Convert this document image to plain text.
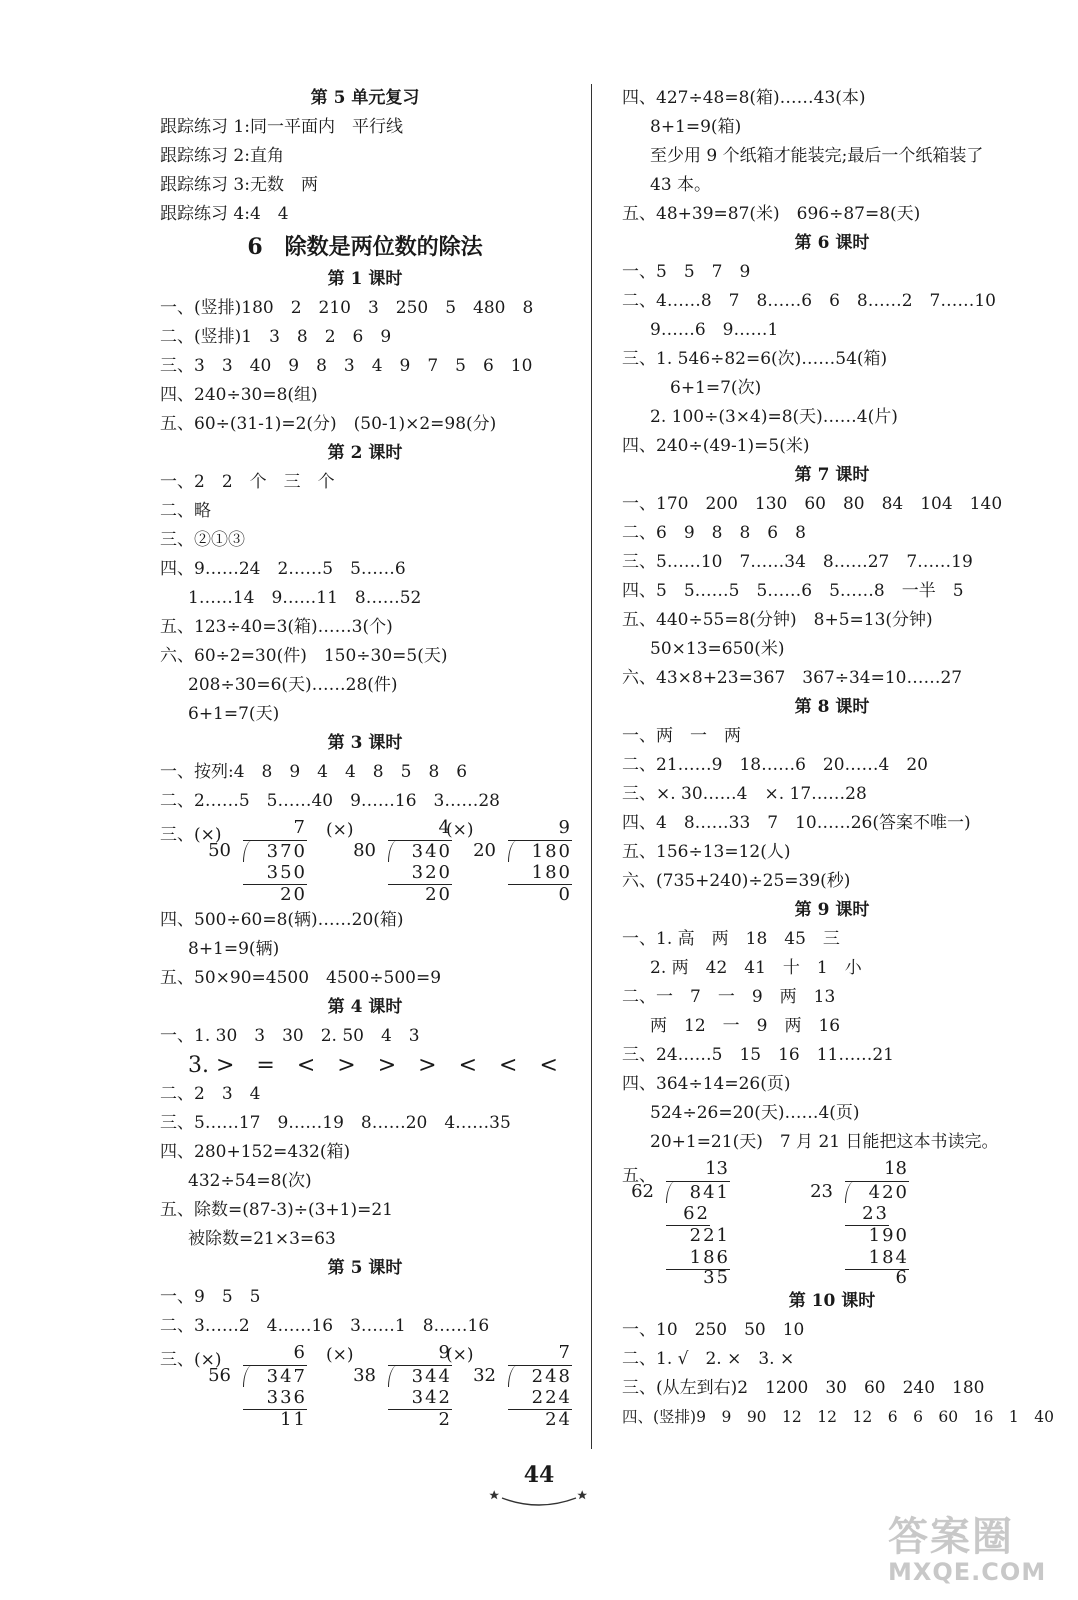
第 5 单元复习
跟踪练习 1:同一平面内　平行线
跟踪练习 2:直角
跟踪练习 3:无数　两
跟踪练习 4:4　4
6　除数是两位数的除法
第 1 课时
一、(竖排)180　2　210　3　250　5　480　8
二、(竖排)1　3　8　2　6　9
三、3　3　40　9　8　3　4　9　7　5　6　10
四、240÷30=8(组)
五、60÷(31-1)=2(分)　(50-1)×2=98(分)
第 2 课时
一、2　2　个　三　个
二、略
三、②①③
四、9……24　2……5　5……6
1……14　9……11　8……52
五、123÷40=3(箱)……3(个)
六、60÷2=30(件)　150÷30=5(天)
208÷30=6(天)……28(件)
6+1=7(天)
第 3 课时
一、按列:4　8　9　4　4　8　5　8　6
二、2……5　5……40　9……16　3……28
三、(×)	(×)	(×)
7
50	370
350
20
4
80	340
320
20
9
20	180
180
0
四、500÷60=8(辆)……20(箱)
8+1=9(辆)
五、50×90=4500　4500÷500=9
第 4 课时
一、1. 30　3　30　2. 50　4　3
3. >　=　<　>　>　>　<　<　<
二、2　3　4
三、5……17　9……19　8……20　4……35
四、280+152=432(箱)
432÷54=8(次)
五、除数=(87-3)÷(3+1)=21
被除数=21×3=63
第 5 课时
一、9　5　5
二、3……2　4……16　3……1　8……16
三、(×)	(×)	(×)
6
56	347
336
11
9
38	344
342
2
7
32	248
224
24
四、427÷48=8(箱)……43(本)
8+1=9(箱)
至少用 9 个纸箱才能装完;最后一个纸箱装了
43 本。
五、48+39=87(米)　696÷87=8(天)
第 6 课时
一、5　5　7　9
二、4……8　7　8……6　6　8……2　7……10
9……6　9……1
三、1. 546÷82=6(次)……54(箱)
6+1=7(次)
2. 100÷(3×4)=8(天)……4(片)
四、240÷(49-1)=5(米)
第 7 课时
一、170　200　130　60　80　84　104　140
二、6　9　8　8　6　8
三、5……10　7……34　8……27　7……19
四、5　5……5　5……6　5……8　一半　5
五、440÷55=8(分钟)　8+5=13(分钟)
50×13=650(米)
六、43×8+23=367　367÷34=10……27
第 8 课时
一、两　一　两
二、21……9　18……6　20……4　20
三、×. 30……4　×. 17……28
四、4　8……33　7　10……26(答案不唯一)
五、156÷13=12(人)
六、(735+240)÷25=39(秒)
第 9 课时
一、1. 高　两　18　45　三
2. 两　42　41　十　1　小
二、一　7　一　9　两　13
两　12　一　9　两　16
三、24……5　15　16　11……21
四、364÷14=26(页)
524÷26=20(天)……4(页)
20+1=21(天)　7 月 21 日能把这本书读完。
五、	13
62	841
62
221
186
35
18
23	420
23
190
184
6
第 10 课时
一、10　250　50　10
二、1. √　2. ×　3. ×
三、(从左到右)2　1200　30　60　240　180
四、(竖排)9　9　90　12　12　12　6　6　60　16　1　40
44
答案圈
MXQE.COM
